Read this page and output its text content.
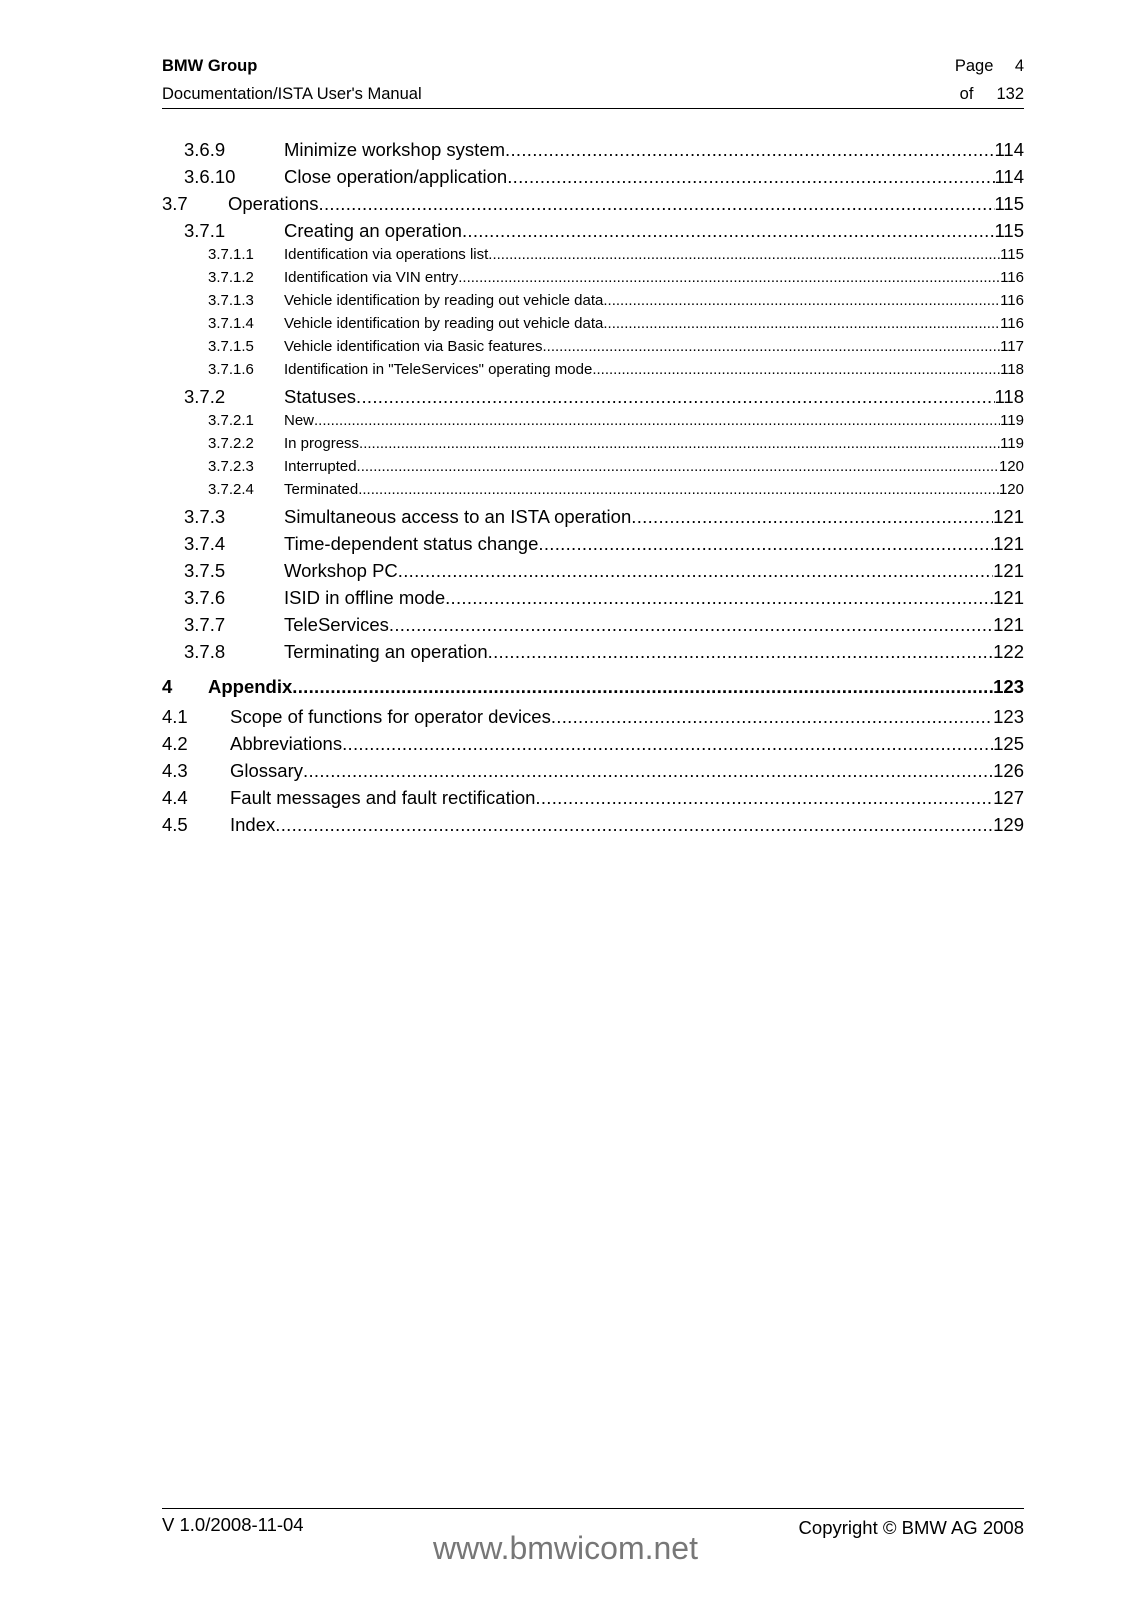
BMW Group	Page 4
Documentation/ISTA User's Manual	of 132
3.6.9	Minimize workshop system .....	114
3.6.10	Close operation/application .....	114
3.7	Operations .....	115
3.7.1	Creating an operation .....	115
3.7.1.1	Identification via operations list .....	115
3.7.1.2	Identification via VIN entry .....	116
3.7.1.3	Vehicle identification by reading out vehicle data .....	116
3.7.1.4	Vehicle identification by reading out vehicle data .....	116
3.7.1.5	Vehicle identification via Basic features .....	117
3.7.1.6	Identification in "TeleServices" operating mode .....	118
3.7.2	Statuses .....	118
3.7.2.1	New .....	119
3.7.2.2	In progress .....	119
3.7.2.3	Interrupted .....	120
3.7.2.4	Terminated .....	120
3.7.3	Simultaneous access to an ISTA operation .....	121
3.7.4	Time-dependent status change .....	121
3.7.5	Workshop PC .....	121
3.7.6	ISID in offline mode .....	121
3.7.7	TeleServices .....	121
3.7.8	Terminating an operation .....	122
4	Appendix .....	123
4.1	Scope of functions for operator devices .....	123
4.2	Abbreviations .....	125
4.3	Glossary .....	126
4.4	Fault messages and fault rectification .....	127
4.5	Index .....	129
V 1.0/2008-11-04	Copyright © BMW AG 2008
www.bmwicom.net
